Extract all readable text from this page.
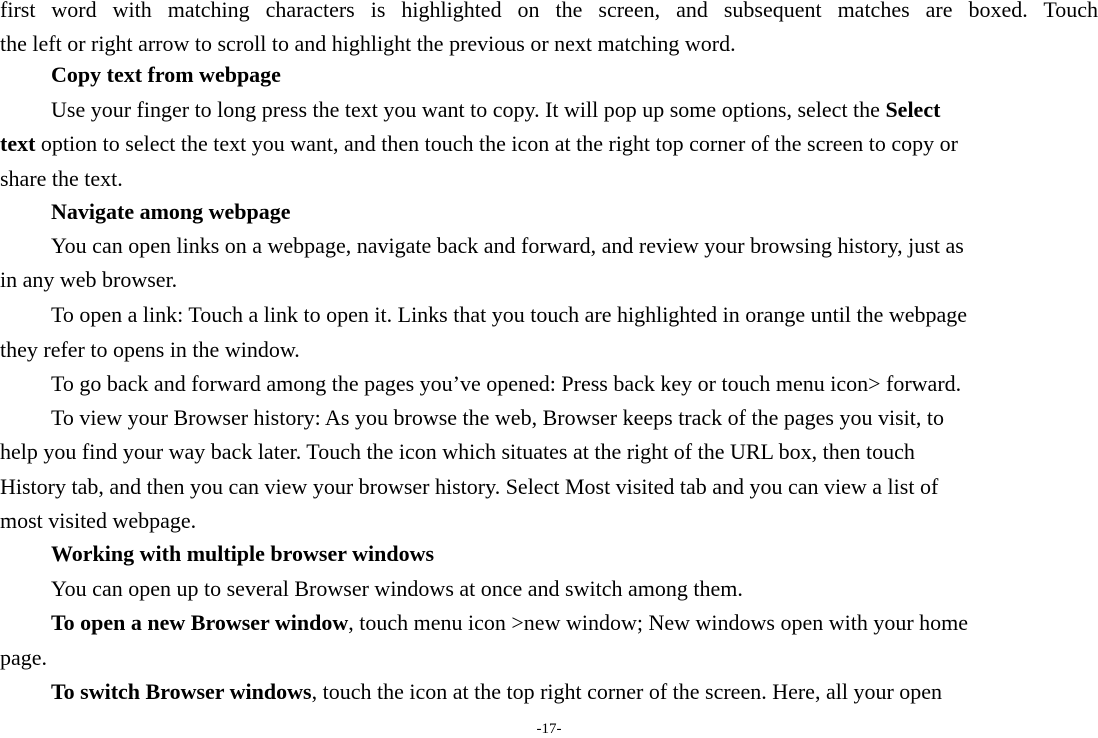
first word with matching characters is highlighted on the screen, and subsequent matches are boxed. Touch
the left or right arrow to scroll to and highlight the previous or next matching word.
Copy text from webpage
Use your finger to long press the text you want to copy. It will pop up some options, select the Select
text option to select the text you want, and then touch the icon at the right top corner of the screen to copy or
share the text.
Navigate among webpage
You can open links on a webpage, navigate back and forward, and review your browsing history, just as
in any web browser.
To open a link: Touch a link to open it. Links that you touch are highlighted in orange until the webpage
they refer to opens in the window.
To go back and forward among the pages you’ve opened: Press back key or touch menu icon> forward.
To view your Browser history: As you browse the web, Browser keeps track of the pages you visit, to
help you find your way back later. Touch the icon which situates at the right of the URL box, then touch
History tab, and then you can view your browser history. Select Most visited tab and you can view a list of
most visited webpage.
Working with multiple browser windows
You can open up to several Browser windows at once and switch among them.
To open a new Browser window, touch menu icon >new window; New windows open with your home
page.
To switch Browser windows, touch the icon at the top right corner of the screen. Here, all your open
-17-
